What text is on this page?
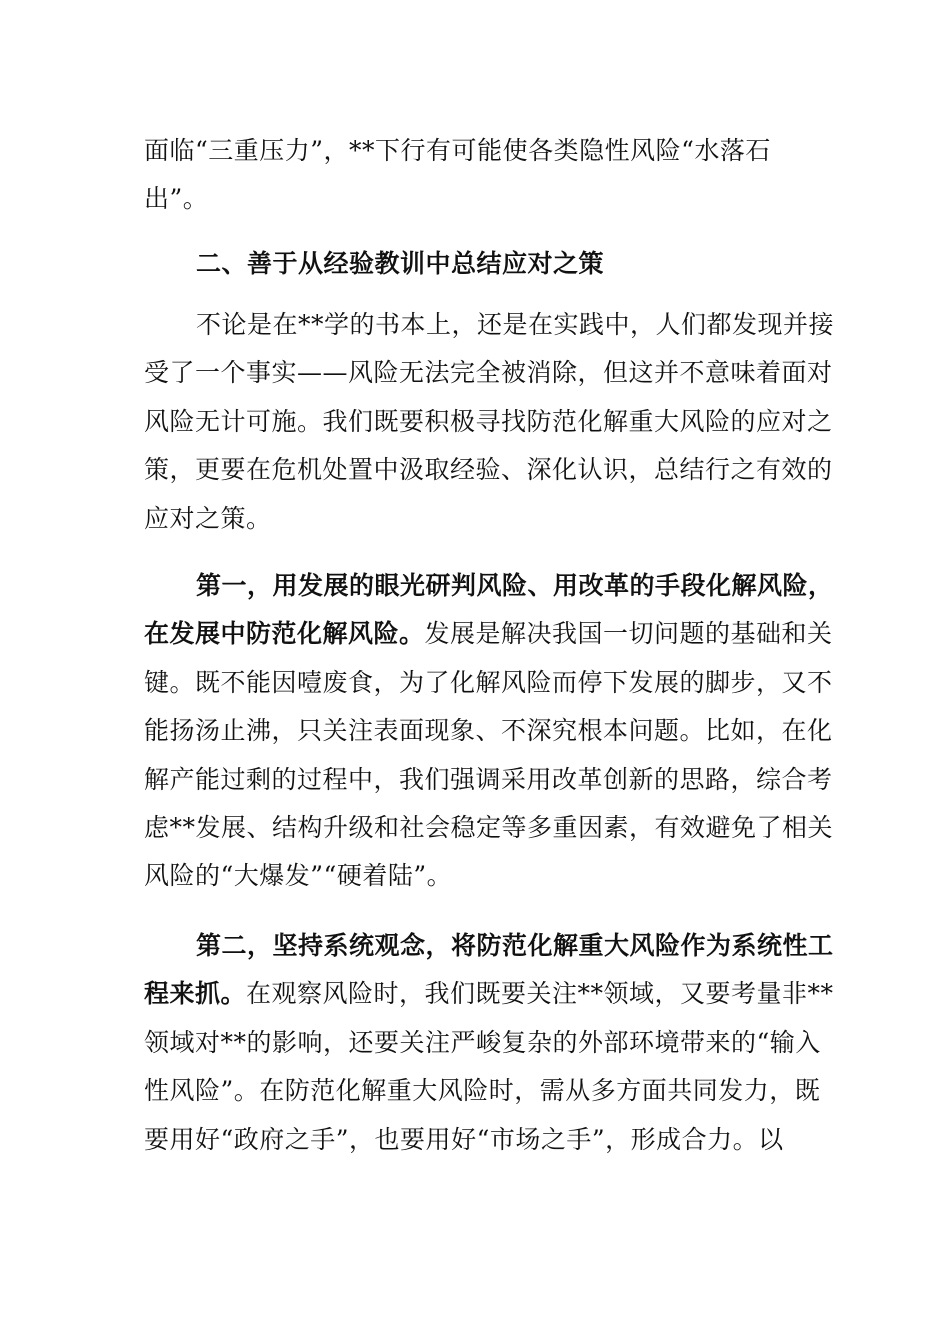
面临“三重压力”，**下行有可能使各类隐性风险“水落石
出”。
二、善于从经验教训中总结应对之策
不论是在**学的书本上，还是在实践中，人们都发现并接
受了一个事实——风险无法完全被消除，但这并不意味着面对
风险无计可施。我们既要积极寻找防范化解重大风险的应对之
策，更要在危机处置中汲取经验、深化认识，总结行之有效的
应对之策。
第一，用发展的眼光研判风险、用改革的手段化解风险，
在发展中防范化解风险。发展是解决我国一切问题的基础和关
键。既不能因噎废食，为了化解风险而停下发展的脚步，又不
能扬汤止沸，只关注表面现象、不深究根本问题。比如，在化
解产能过剩的过程中，我们强调采用改革创新的思路，综合考
虑**发展、结构升级和社会稳定等多重因素，有效避免了相关
风险的“大爆发”“硬着陆”。
第二，坚持系统观念，将防范化解重大风险作为系统性工
程来抓。在观察风险时，我们既要关注**领域，又要考量非**
领域对**的影响，还要关注严峻复杂的外部环境带来的“输入
性风险”。在防范化解重大风险时，需从多方面共同发力，既
要用好“政府之手”，也要用好“市场之手”，形成合力。以
